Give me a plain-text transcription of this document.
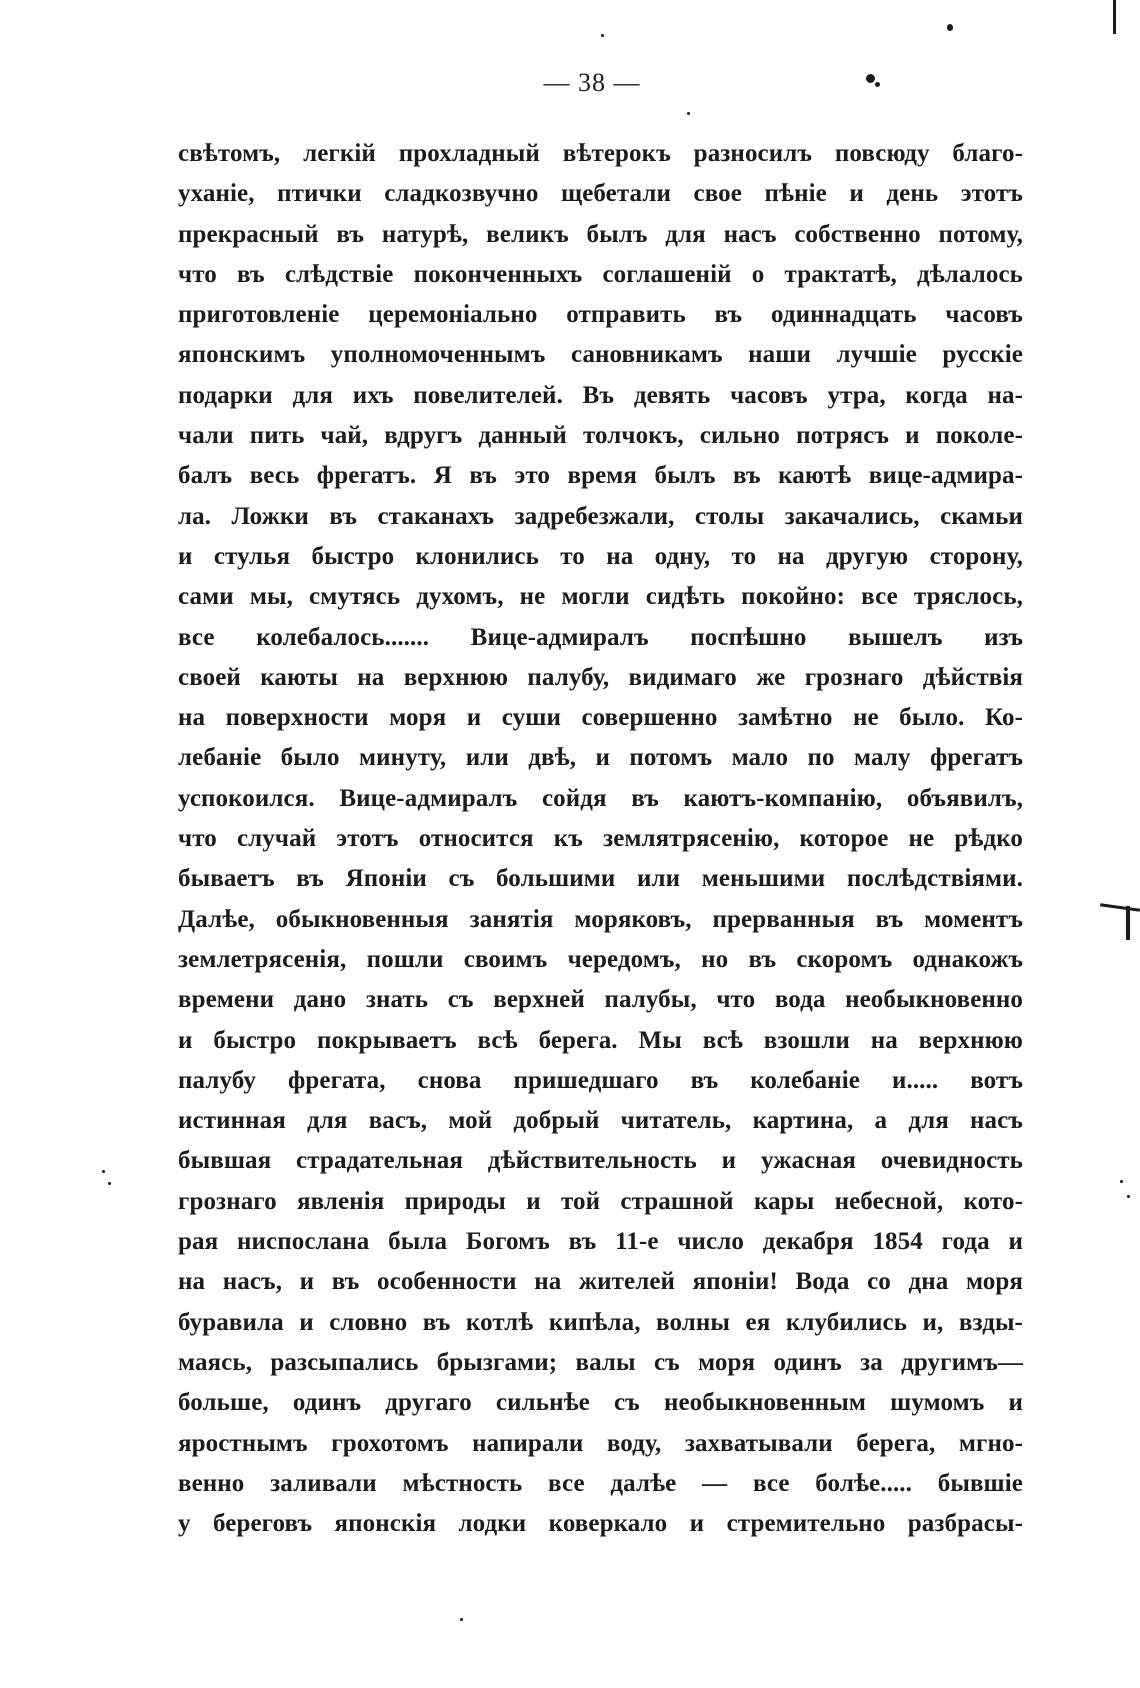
— 38 —
свѣтомъ, легкій прохладный вѣтерокъ разносилъ повсюду благо-
уханіе, птички сладкозвучно щебетали свое пѣніе и день этотъ
прекрасный въ натурѣ, великъ былъ для насъ собственно потому,
что въ слѣдствіе поконченныхъ соглашеній о трактатѣ, дѣлалось
приготовленіе церемоніально отправить въ одиннадцать часовъ
японскимъ уполномоченнымъ сановникамъ наши лучшіе русскіе
подарки для ихъ повелителей. Въ девять часовъ утра, когда на-
чали пить чай, вдругъ данный толчокъ, сильно потрясъ и поколе-
балъ весь фрегатъ. Я въ это время былъ въ каютѣ вице-адмира-
ла. Ложки въ стаканахъ задребезжали, столы закачались, скамьи
и стулья быстро клонились то на одну, то на другую сторону,
сами мы, смутясь духомъ, не могли сидѣть покойно: все тряслось,
все колебалось....... Вице-адмиралъ поспѣшно вышелъ изъ
своей каюты на верхнюю палубу, видимаго же грознаго дѣйствія
на поверхности моря и суши совершенно замѣтно не было. Ко-
лебаніе было минуту, или двѣ, и потомъ мало по малу фрегатъ
успокоился. Вице-адмиралъ сойдя въ каютъ-компанію, объявилъ,
что случай этотъ относится къ землятрясенію, которое не рѣдко
бываетъ въ Японіи съ большими или меньшими послѣдствіями.
Далѣе, обыкновенныя занятія моряковъ, прерванныя въ моментъ
землетрясенія, пошли своимъ чередомъ, но въ скоромъ однакожъ
времени дано знать съ верхней палубы, что вода необыкновенно
и быстро покрываетъ всѣ берега. Мы всѣ взошли на верхнюю
палубу фрегата, снова пришедшаго въ колебаніе и..... вотъ
истинная для васъ, мой добрый читатель, картина, а для насъ
бывшая страдательная дѣйствительность и ужасная очевидность
грознаго явленія природы и той страшной кары небесной, кото-
рая ниспослана была Богомъ въ 11-е число декабря 1854 года и
на насъ, и въ особенности на жителей японіи! Вода со дна моря
буравила и словно въ котлѣ кипѣла, волны ея клубились и, взды-
маясь, разсыпались брызгами; валы съ моря одинъ за другимъ—
больше, одинъ другаго сильнѣе съ необыкновенным шумомъ и
яростнымъ грохотомъ напирали воду, захватывали берега, мгно-
венно заливали мѣстность все далѣе — все болѣе..... бывшіе
у береговъ японскія лодки коверкало и стремительно разбрасы-
